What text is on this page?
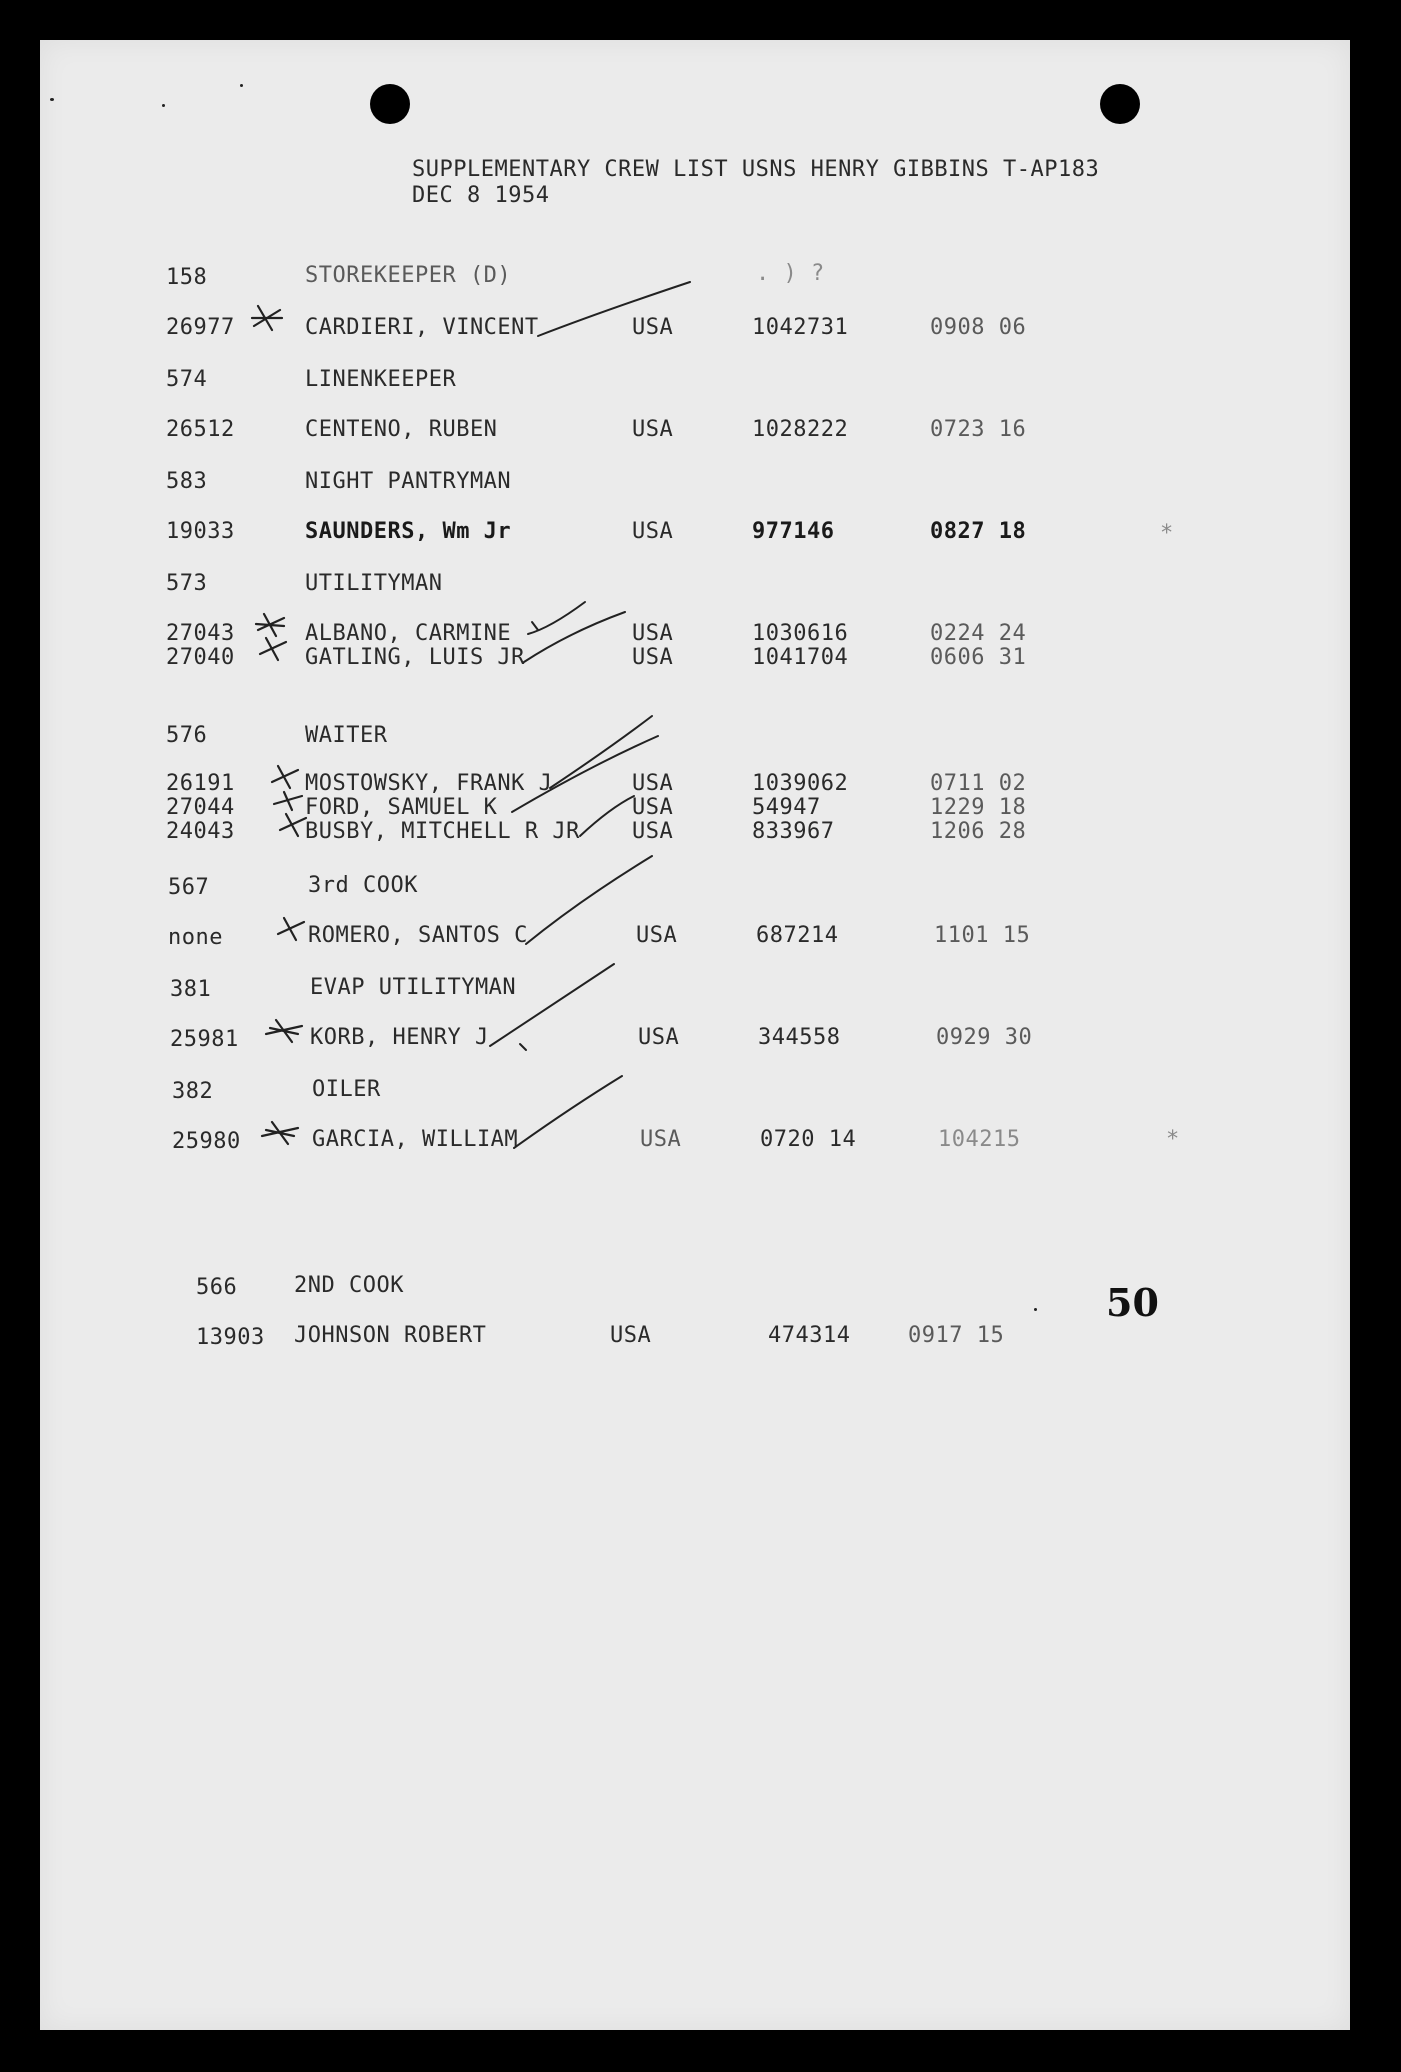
SUPPLEMENTARY CREW LIST USNS HENRY GIBBINS T-AP183
DEC 8 1954
158	STOREKEEPER (D)	. ) ?
26977	CARDIERI, VINCENT	USA	1042731	0908 06
574	LINENKEEPER
26512	CENTENO, RUBEN	USA	1028222	0723 16
583	NIGHT PANTRYMAN
19033	SAUNDERS, Wm Jr	USA	977146	0827 18	*
573	UTILITYMAN
27043	ALBANO, CARMINE	USA	1030616	0224 24
27040	GATLING, LUIS JR	USA	1041704	0606 31
576	WAITER
26191	MOSTOWSKY, FRANK J	USA	1039062	0711 02
27044	FORD, SAMUEL K	USA	54947	1229 18
24043	BUSBY, MITCHELL R JR USA	833967	1206 28
567	3rd COOK
none	ROMERO, SANTOS C	USA	687214	1101 15
381	EVAP UTILITYMAN
25981	KORB, HENRY J	USA	344558	0929 30
382	OILER
25980	GARCIA, WILLIAM	USA	0720 14	104215	*
566	2ND COOK
13903 JOHNSON ROBERT	USA	474314	0917 15
50
